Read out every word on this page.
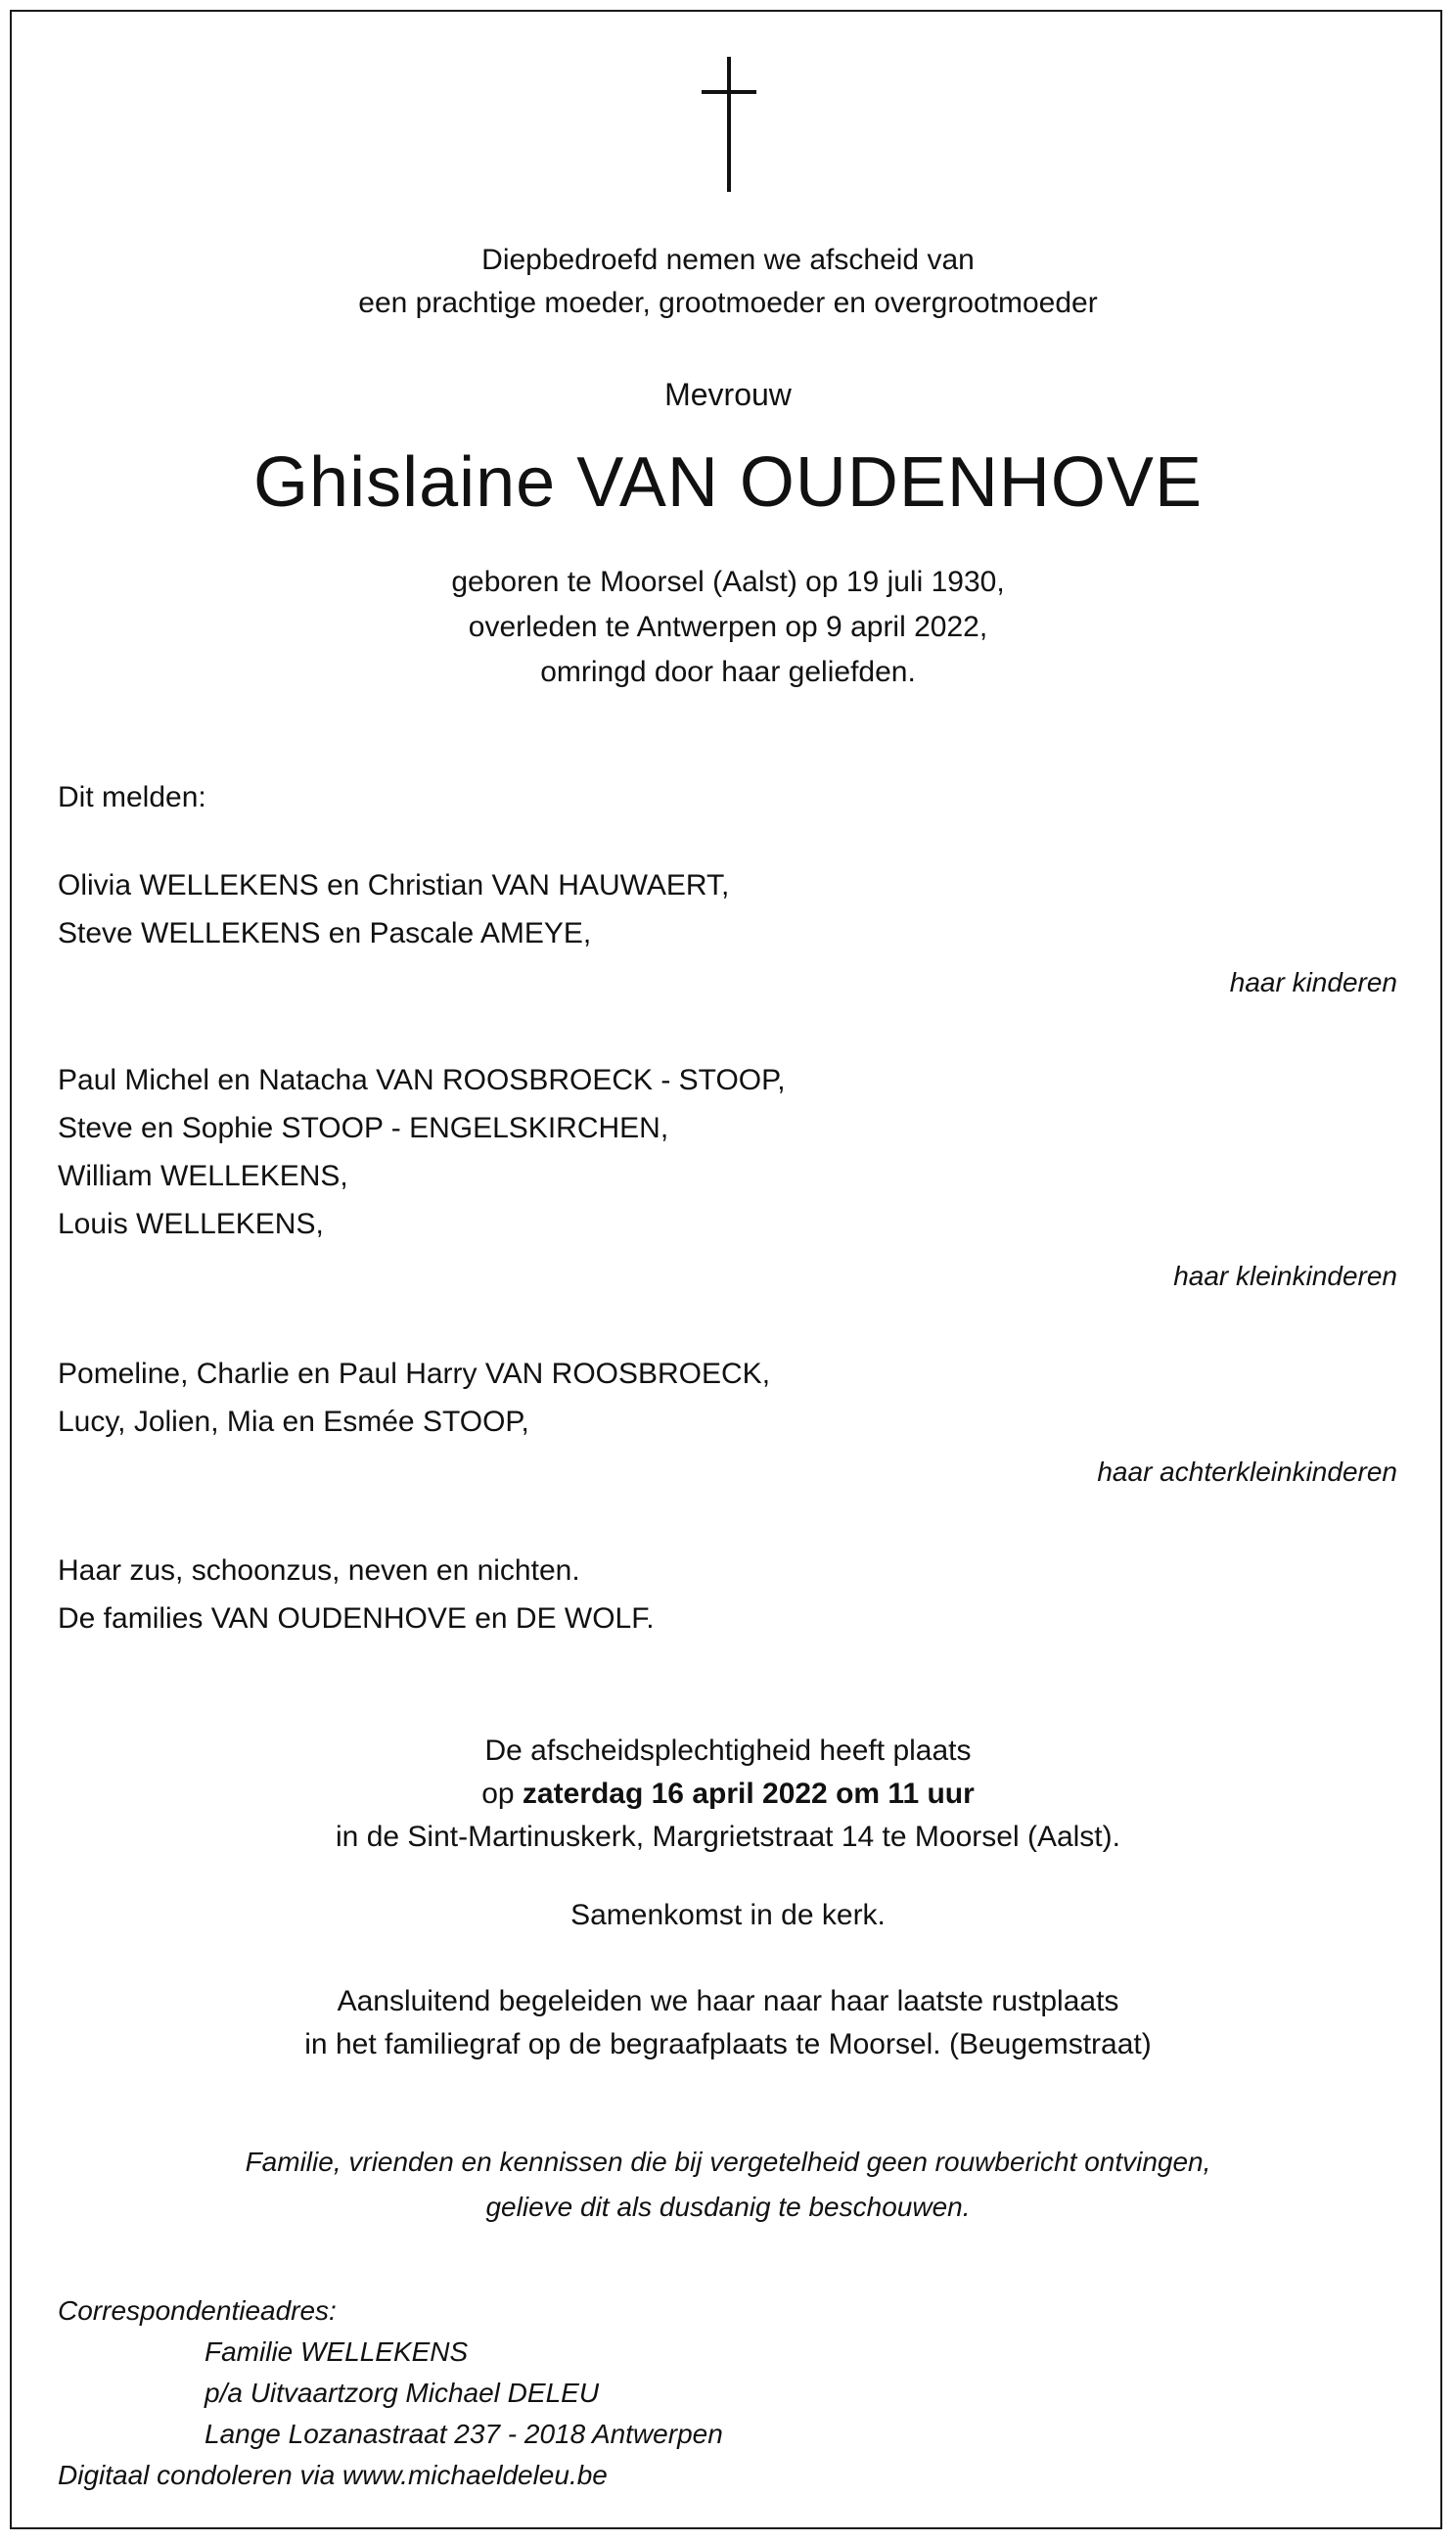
Diepbedroefd nemen we afscheid van
een prachtige moeder, grootmoeder en overgrootmoeder
Mevrouw
Ghislaine VAN OUDENHOVE
geboren te Moorsel (Aalst) op 19 juli 1930,
overleden te Antwerpen op 9 april 2022,
omringd door haar geliefden.
Dit melden:
Olivia WELLEKENS en Christian VAN HAUWAERT,
Steve WELLEKENS en Pascale AMEYE,
haar kinderen
Paul Michel en Natacha VAN ROOSBROECK - STOOP,
Steve en Sophie STOOP - ENGELSKIRCHEN,
William WELLEKENS,
Louis WELLEKENS,
haar kleinkinderen
Pomeline, Charlie en Paul Harry VAN ROOSBROECK,
Lucy, Jolien, Mia en Esmée STOOP,
haar achterkleinkinderen
Haar zus, schoonzus, neven en nichten.
De families VAN OUDENHOVE en DE WOLF.
De afscheidsplechtigheid heeft plaats
op zaterdag 16 april 2022 om 11 uur
in de Sint-Martinuskerk, Margrietstraat 14 te Moorsel (Aalst).
Samenkomst in de kerk.
Aansluitend begeleiden we haar naar haar laatste rustplaats
in het familiegraf op de begraafplaats te Moorsel. (Beugemstraat)
Familie, vrienden en kennissen die bij vergetelheid geen rouwbericht ontvingen,
gelieve dit als dusdanig te beschouwen.
Correspondentieadres:
Familie WELLEKENS
p/a Uitvaartzorg Michael DELEU
Lange Lozanastraat 237 - 2018 Antwerpen
Digitaal condoleren via www.michaeldeleu.be
